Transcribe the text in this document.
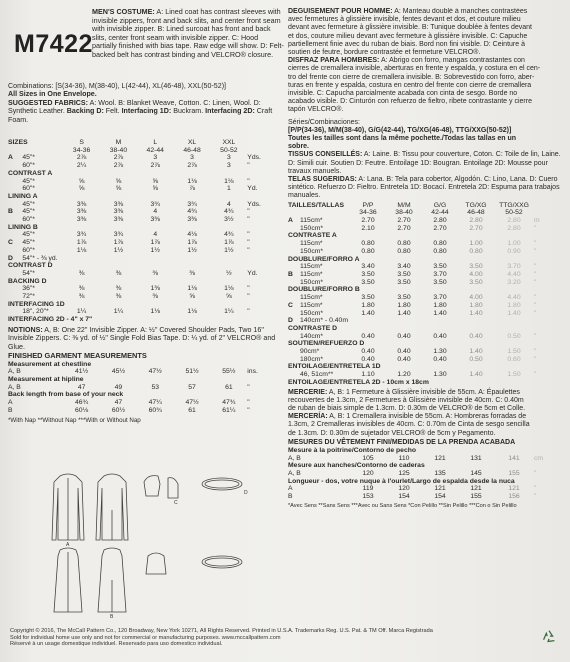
M7422
MEN'S COSTUME: A: Lined coat has contrast sleeves with invisible zippers, front and back slits, and center front seam with invisible zipper. B: Lined surcoat has front and back slits, center front seam with invisible zipper. C: Hood partially finished with bias tape. Raw edge will show. D: Felt-backed belt has contrast binding and VELCRO® closure.
Combinations: [S(34-36), M(38-40), L(42-44), XL(46-48), XXL(50-52)]
All Sizes in One Envelope.
SUGGESTED FABRICS: A: Wool. B: Blanket Weave, Cotton. C: Linen, Wool. D: Synthetic Leather. Backing D: Felt. Interfacing 1D: Buckram. Interfacing 2D: Craft Foam.
SIZES		S	M	L	XL	XXL	
		34-36	38-40	42-44	46-48	50-52	
A	45"*	2⅞	2⅞	3	3	3	Yds.
	60"*	2¼	2⅞	2⅞	2⅞	3	"
CONTRAST A							
	45"*	⅝	⅝	⅝	1⅛	1⅛	"
	60"*	⅝	⅝	⅝	⅞	1	Yd.
LINING A							
	45"*	3⅜	3⅜	3¾	3¾	4	Yds.
B	45"*	3⅜	3⅜	4	4¾	4¾	"
	60"*	3⅜	3⅜	3⅜	3⅜	3½	"
LINING B							
	45"*	3¾	3¾	4	4⅛	4¾	"
C	45"*	1⅞	1⅞	1⅞	1⅞	1⅞	"
	60"*	1⅛	1½	1½	1½	1½	"
D	54"* - ⅜ yd.						
CONTRAST D							
	54"*	⅜	⅜	⅜	⅜	½	Yd.
BACKING D							
	36"*	⅜	⅜	1⅜	1⅛	1⅛	"
	72"*	⅜	⅜	⅜	⅝	⅝	"
INTERFACING 1D							
	18", 20"*	1¼	1¼	1⅛	1⅛	1¼	"
INTERFACING 2D - 4" x 7"							
NOTIONS: A, B: One 22" Invisible Zipper. A: ½" Covered Shoulder Pads, Two 16" Invisible Zippers. C: ⅜ yd. of ½" Single Fold Bias Tape. D: ¼ yd. of 2" VELCRO® and Glue.
FINISHED GARMENT MEASUREMENTS
Measurement at chestline						
A, B	41½	45½	47½	51½	55½	ins.
Measurement at hipline						
A, B	47	49	53	57	61	"
Back length from base of your neck						
A	46¾	47	47¼	47½	47¾	"
B	60⅛	60½	60¾	61	61¼	"
*With Nap **Without Nap ***With or Without Nap
A
B
C
D
DÉGUISEMENT POUR HOMME: A: Manteau doublé à manches contrastées
avec fermetures à glissière invisible, fentes devant et dos, et couture milieu
devant avec fermeture à glissière invisible. B: Tunique doublée à fentes devant
et dos, couture milieu devant avec fermeture à glissière invisible. C: Capuche
partiellement finie avec du ruban de biais. Bord non fini visible. D: Ceinture à
soutien de feutre, bordure contrastée et fermeture VELCRO®.
DISFRAZ PARA HOMBRES: A: Abrigo con forro, mangas contrastantes con
cierres de cremallera invisible, aberturas en frente y espalda, y costura en el cen-
tro del frente con cierre de cremallera invisible. B: Sobrevestido con forro, aber-
turas en frente y espalda, costura en centro del frente con cierre de cremallera
invisible. C: Capucha parcialmente acabada con cinta de sesgo. Borde no
acabado visible. D: Cinturón con refuerzo de fieltro, ribete contrastante y cierre
tapón VELCRO®.
Séries/Combinaciones:
[P/P(34-36), M/M(38-40), G/G(42-44), TG/XG(46-48), TTG/XXG(50-52)]
Toutes les tailles sont dans la même pochette./Todas las tallas en un
sobre.
TISSUS CONSEILLÉS: A: Laine. B: Tissu pour couverture, Coton. C: Toile de lin, Laine. D: Simili cuir. Soutien D: Feutre. Entoilage 1D: Bougran. Entoilage 2D: Mousse pour travaux manuels.
TELAS SUGERIDAS: A: Lana. B: Tela para cobertor, Algodón. C: Lino, Lana. D: Cuero sintético. Refuerzo D: Fieltro. Entretela 1D: Bocací. Entretela 2D: Espuma para trabajos manuales.
TAILLES/TALLAS		P/P	M/M	G/G	TG/XG	TTG/XXG	
		34-36	38-40	42-44	46-48	50-52	
A	115cm*	2.70	2.70	2.80	2.80	2.80	m
	150cm*	2.10	2.70	2.70	2.70	2.80	"
CONTRASTE A							
	115cm*	0.80	0.80	0.80	1.00	1.00	"
	150cm*	0.80	0.80	0.80	0.80	0.90	"
DOUBLURE/FORRO A							
	115cm*	3.40	3.40	3.50	3.50	3.70	"
B	115cm*	3.50	3.50	3.70	4.00	4.40	"
	150cm*	3.50	3.50	3.50	3.50	3.20	"
DOUBLURE/FORRO B							
	115cm*	3.50	3.50	3.70	4.00	4.40	"
C	115cm*	1.80	1.80	1.80	1.80	1.80	"
	150cm*	1.40	1.40	1.40	1.40	1.40	"
D	140cm* - 0.40m						
CONTRASTE D							
	140cm*	0.40	0.40	0.40	0.40	0.50	"
SOUTIEN/REFUERZO D							
	90cm*	0.40	0.40	1.30	1.40	1.50	"
	180cm*	0.40	0.40	0.40	0.50	0.60	"
ENTOILAGE/ENTRETELA 1D							
	46, 51cm**	1.10	1.20	1.30	1.40	1.50	"
ENTOILAGE/ENTRETELA 2D - 10cm x 18cm							
MERCERIE: A, B: 1 Fermeture à Glissière invisible de 55cm. A: Épaulettes
recouvertes de 1.3cm, 2 Fermetures à Glissière invisible de 40cm. C: 0.40m
de ruban de biais simple de 1.3cm. D: 0.30m de VELCRO® de 5cm et Colle.
MERCERÍA: A, B: 1 Cremallera invisible de 55cm. A: Hombreras forradas de
1.3cm, 2 Cremalleras invisibles de 40cm. C: 0.70m de Cinta de sesgo sencilla
de 1.3cm. D: 0.30m de sujetador VELCRO® de 5cm y Pegamento.
MESURES DU VÊTEMENT FINI/MEDIDAS DE LA PRENDA ACABADA
Mesure à la poitrine/Contorno de pecho						
A, B	105	110	121	131	141	cm
Mesure aux hanches/Contorno de caderas						
A, B	120	125	135	145	155	"
Longueur - dos, votre nuque à l'ourlet/Largo de espalda desde la nuca						
A	119	120	121	121	121	"
B	153	154	154	155	156	"
*Avec Sens **Sans Sens ***Avec ou Sans Sens *Con Pelillo **Sin Pelillo ***Con o Sin Pelillo
Copyright © 2016, The McCall Pattern Co., 120 Broadway, New York 10271, All Rights Reserved. Printed in U.S.A. Trademarks Reg. U.S. Pat. & TM Off. Marca Registrada
Sold for individual home use only and not for commercial or manufacturing purposes. www.mccallpattern.com
Réservé à un usage domestique individuel. Reservado para uso domestico individual.
